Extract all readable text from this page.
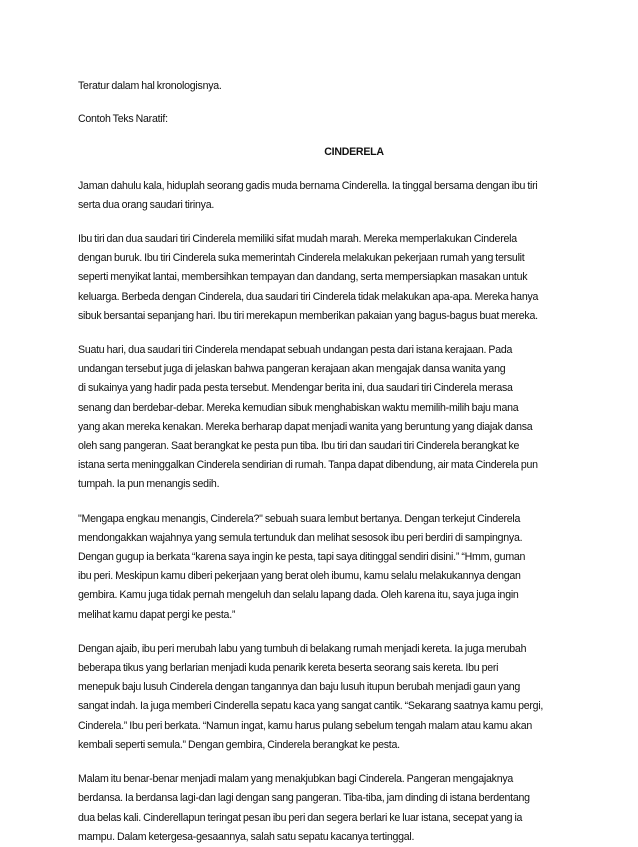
Teratur dalam hal kronologisnya.

Contoh Teks Naratif:

CINDERELA

Jaman dahulu kala, hiduplah seorang gadis muda bernama Cinderella. Ia tinggal bersama dengan ibu tiri
serta dua orang saudari tirinya.

Ibu tiri dan dua saudari tiri Cinderela memiliki sifat mudah marah. Mereka memperlakukan Cinderela
dengan buruk. Ibu tiri Cinderela suka memerintah Cinderela melakukan pekerjaan rumah yang tersulit
seperti menyikat lantai, membersihkan tempayan dan dandang, serta mempersiapkan masakan untuk
keluarga. Berbeda dengan Cinderela, dua saudari tiri Cinderela tidak melakukan apa-apa. Mereka hanya
sibuk bersantai sepanjang hari. Ibu tiri merekapun memberikan pakaian yang bagus-bagus buat mereka.

Suatu hari, dua saudari tiri Cinderela mendapat sebuah undangan pesta dari istana kerajaan. Pada
undangan tersebut juga di jelaskan bahwa pangeran kerajaan akan mengajak dansa wanita yang
di sukainya yang hadir pada pesta tersebut. Mendengar berita ini, dua saudari tiri Cinderela merasa
senang dan berdebar-debar. Mereka kemudian sibuk menghabiskan waktu memilih-milih baju mana
yang akan mereka kenakan. Mereka berharap dapat menjadi wanita yang beruntung yang diajak dansa
oleh sang pangeran. Saat berangkat ke pesta pun tiba. Ibu tiri dan saudari tiri Cinderela berangkat ke
istana serta meninggalkan Cinderela sendirian di rumah. Tanpa dapat dibendung, air mata Cinderela pun
tumpah. Ia pun menangis sedih.

"Mengapa engkau menangis, Cinderela?" sebuah suara lembut bertanya. Dengan terkejut Cinderela
mendongakkan wajahnya yang semula tertunduk dan melihat sesosok ibu peri berdiri di sampingnya.
Dengan gugup ia berkata “karena saya ingin ke pesta, tapi saya ditinggal sendiri disini.” “Hmm, guman
ibu peri. Meskipun kamu diberi pekerjaan yang berat oleh ibumu, kamu selalu melakukannya dengan
gembira. Kamu juga tidak pernah mengeluh dan selalu lapang dada. Oleh karena itu, saya juga ingin
melihat kamu dapat pergi ke pesta.”

Dengan ajaib, ibu peri merubah labu yang tumbuh di belakang rumah menjadi kereta. Ia juga merubah
beberapa tikus yang berlarian menjadi kuda penarik kereta beserta seorang sais kereta. Ibu peri
menepuk baju lusuh Cinderela dengan tangannya dan baju lusuh itupun berubah menjadi gaun yang
sangat indah. Ia juga memberi Cinderella sepatu kaca yang sangat cantik. “Sekarang saatnya kamu pergi,
Cinderela.” Ibu peri berkata. “Namun ingat, kamu harus pulang sebelum tengah malam atau kamu akan
kembali seperti semula.” Dengan gembira, Cinderela berangkat ke pesta.

Malam itu benar-benar menjadi malam yang menakjubkan bagi Cinderela. Pangeran mengajaknya
berdansa. Ia berdansa lagi-dan lagi dengan sang pangeran. Tiba-tiba, jam dinding di istana berdentang
dua belas kali. Cinderellapun teringat pesan ibu peri dan segera berlari ke luar istana, secepat yang ia
mampu. Dalam ketergesa-gesaannya, salah satu sepatu kacanya tertinggal.
